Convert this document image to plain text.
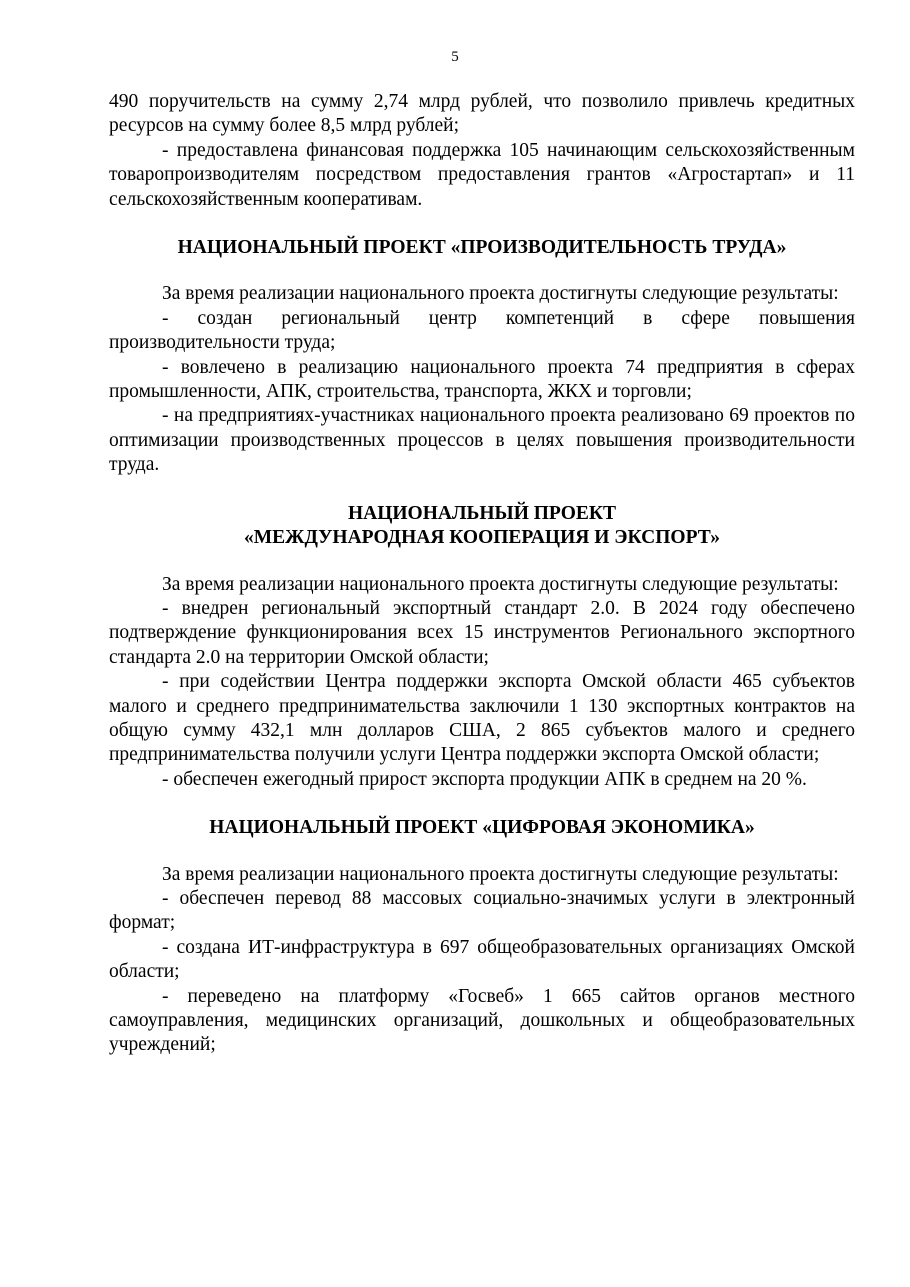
5

490 поручительств на сумму 2,74 млрд рублей, что позволило привлечь кредитных ресурсов на сумму более 8,5 млрд рублей;

- предоставлена финансовая поддержка 105 начинающим сельскохозяйственным товаропроизводителям посредством предоставления грантов «Агростартап» и 11 сельскохозяйственным кооперативам.

НАЦИОНАЛЬНЫЙ ПРОЕКТ «ПРОИЗВОДИТЕЛЬНОСТЬ ТРУДА»

За время реализации национального проекта достигнуты следующие результаты:

- создан региональный центр компетенций в сфере повышения производительности труда;

- вовлечено в реализацию национального проекта 74 предприятия в сферах промышленности, АПК, строительства, транспорта, ЖКХ и торговли;

- на предприятиях-участниках национального проекта реализовано 69 проектов по оптимизации производственных процессов в целях повышения производительности труда.

НАЦИОНАЛЬНЫЙ ПРОЕКТ

«МЕЖДУНАРОДНАЯ КООПЕРАЦИЯ И ЭКСПОРТ»

За время реализации национального проекта достигнуты следующие результаты:

- внедрен региональный экспортный стандарт 2.0. В 2024 году обеспечено подтверждение функционирования всех 15 инструментов Регионального экспортного стандарта 2.0 на территории Омской области;

- при содействии Центра поддержки экспорта Омской области 465 субъектов малого и среднего предпринимательства заключили 1 130 экспортных контрактов на общую сумму 432,1 млн долларов США, 2 865 субъектов малого и среднего предпринимательства получили услуги Центра поддержки экспорта Омской области;

- обеспечен ежегодный прирост экспорта продукции АПК в среднем на 20 %.

НАЦИОНАЛЬНЫЙ ПРОЕКТ «ЦИФРОВАЯ ЭКОНОМИКА»

За время реализации национального проекта достигнуты следующие результаты:

- обеспечен перевод 88 массовых социально-значимых услуги в электронный формат;

- создана ИТ-инфраструктура в 697 общеобразовательных организациях Омской области;

- переведено на платформу «Госвеб» 1 665 сайтов органов местного самоуправления, медицинских организаций, дошкольных и общеобразовательных учреждений;
